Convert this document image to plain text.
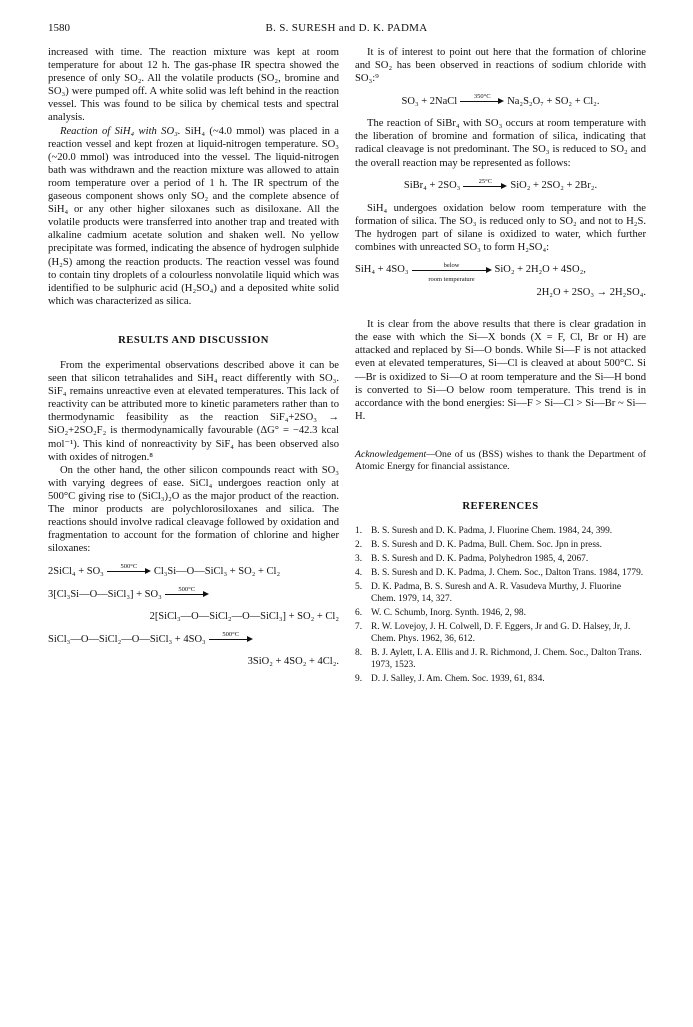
1580	B. S. SURESH and D. K. PADMA

increased with time. The reaction mixture was kept at room temperature for about 12 h. The gas-phase IR spectra showed the presence of only SO₂. All the volatile products (SO₂, bromine and SO₃) were pumped off. A white solid was left behind in the reaction vessel. This was found to be silica by chemical tests and spectral analysis.

Reaction of SiH₄ with SO₃. SiH₄ (~4.0 mmol) was placed in a reaction vessel and kept frozen at liquid-nitrogen temperature. SO₃ (~20.0 mmol) was introduced into the vessel. The liquid-nitrogen bath was withdrawn and the reaction mixture was allowed to attain room temperature over a period of 1 h. The IR spectrum of the gaseous component shows only SO₂ and the complete absence of SiH₄ or any other higher siloxanes such as disiloxane. All the volatile products were transferred into another trap and treated with alkaline cadmium acetate solution and shaken well. No yellow precipitate was formed, indicating the absence of hydrogen sulphide (H₂S) among the reaction products. The reaction vessel was found to contain tiny droplets of a colourless nonvolatile liquid which was identified to be sulphuric acid (H₂SO₄) and a deposited white solid which was characterized as silica.

RESULTS AND DISCUSSION

From the experimental observations described above it can be seen that silicon tetrahalides and SiH₄ react differently with SO₃. SiF₄ remains unreactive even at elevated temperatures. This lack of reactivity can be attributed more to kinetic parameters rather than to thermodynamic feasibility as the reaction SiF₄+2SO₃ → SiO₂+2SO₂F₂ is thermodynamically favourable (ΔG° = −42.3 kcal mol⁻¹). This kind of nonreactivity by SiF₄ has been observed also with oxides of nitrogen.⁸

On the other hand, the other silicon compounds react with SO₃ with varying degrees of ease. SiCl₄ undergoes reaction only at 500°C giving rise to (SiCl₃)₂O as the major product of the reaction. The minor products are polychlorosiloxanes and silica. The reactions should involve radical cleavage followed by oxidation and fragmentation to account for the formation of chlorine and higher siloxanes:

2SiCl₄ + SO₃	500°C	Cl₃Si—O—SiCl₃ + SO₂ + Cl₂
3[Cl₃Si—O—SiCl₃] + SO₃	500°C
2[SiCl₃—O—SiCl₂—O—SiCl₃] + SO₂ + Cl₂
SiCl₃—O—SiCl₂—O—SiCl₃ + 4SO₃	500°C
3SiO₂ + 4SO₂ + 4Cl₂.

It is of interest to point out here that the formation of chlorine and SO₂ has been observed in reactions of sodium chloride with SO₃:⁹

SO₃ + 2NaCl	350°C	Na₂S₂O₇ + SO₂ + Cl₂.

The reaction of SiBr₄ with SO₃ occurs at room temperature with the liberation of bromine and formation of silica, indicating that radical cleavage is not predominant. The SO₃ is reduced to SO₂ and the overall reaction may be represented as follows:

SiBr₄ + 2SO₃	25°C	SiO₂ + 2SO₂ + 2Br₂.

SiH₄ undergoes oxidation below room temperature with the formation of silica. The SO₃ is reduced only to SO₂ and not to H₂S. The hydrogen part of silane is oxidized to water, which further combines with unreacted SO₃ to form H₂SO₄:

SiH₄ + 4SO₃	below
room temperature
SiO₂ + 2H₂O + 4SO₂,
2H₂O + 2SO₃ → 2H₂SO₄.

It is clear from the above results that there is clear gradation in the ease with which the Si—X bonds (X = F, Cl, Br or H) are attacked and replaced by Si—O bonds. While Si—F is not attacked even at elevated temperatures, Si—Cl is cleaved at about 500°C. Si—Br is oxidized to Si—O at room temperature and the Si—H bond is converted to Si—O below room temperature. This trend is in accordance with the bond energies: Si—F > Si—Cl > Si—Br ~ Si—H.

Acknowledgement—One of us (BSS) wishes to thank the Department of Atomic Energy for financial assistance.

REFERENCES
1. B. S. Suresh and D. K. Padma, J. Fluorine Chem. 1984, 24, 399.
2. B. S. Suresh and D. K. Padma, Bull. Chem. Soc. Jpn in press.
3. B. S. Suresh and D. K. Padma, Polyhedron 1985, 4, 2067.
4. B. S. Suresh and D. K. Padma, J. Chem. Soc., Dalton Trans. 1984, 1779.
5. D. K. Padma, B. S. Suresh and A. R. Vasudeva Murthy, J. Fluorine Chem. 1979, 14, 327.
6. W. C. Schumb, Inorg. Synth. 1946, 2, 98.
7. R. W. Lovejoy, J. H. Colwell, D. F. Eggers, Jr and G. D. Halsey, Jr, J. Chem. Phys. 1962, 36, 612.
8. B. J. Aylett, I. A. Ellis and J. R. Richmond, J. Chem. Soc., Dalton Trans. 1973, 1523.
9. D. J. Salley, J. Am. Chem. Soc. 1939, 61, 834.
